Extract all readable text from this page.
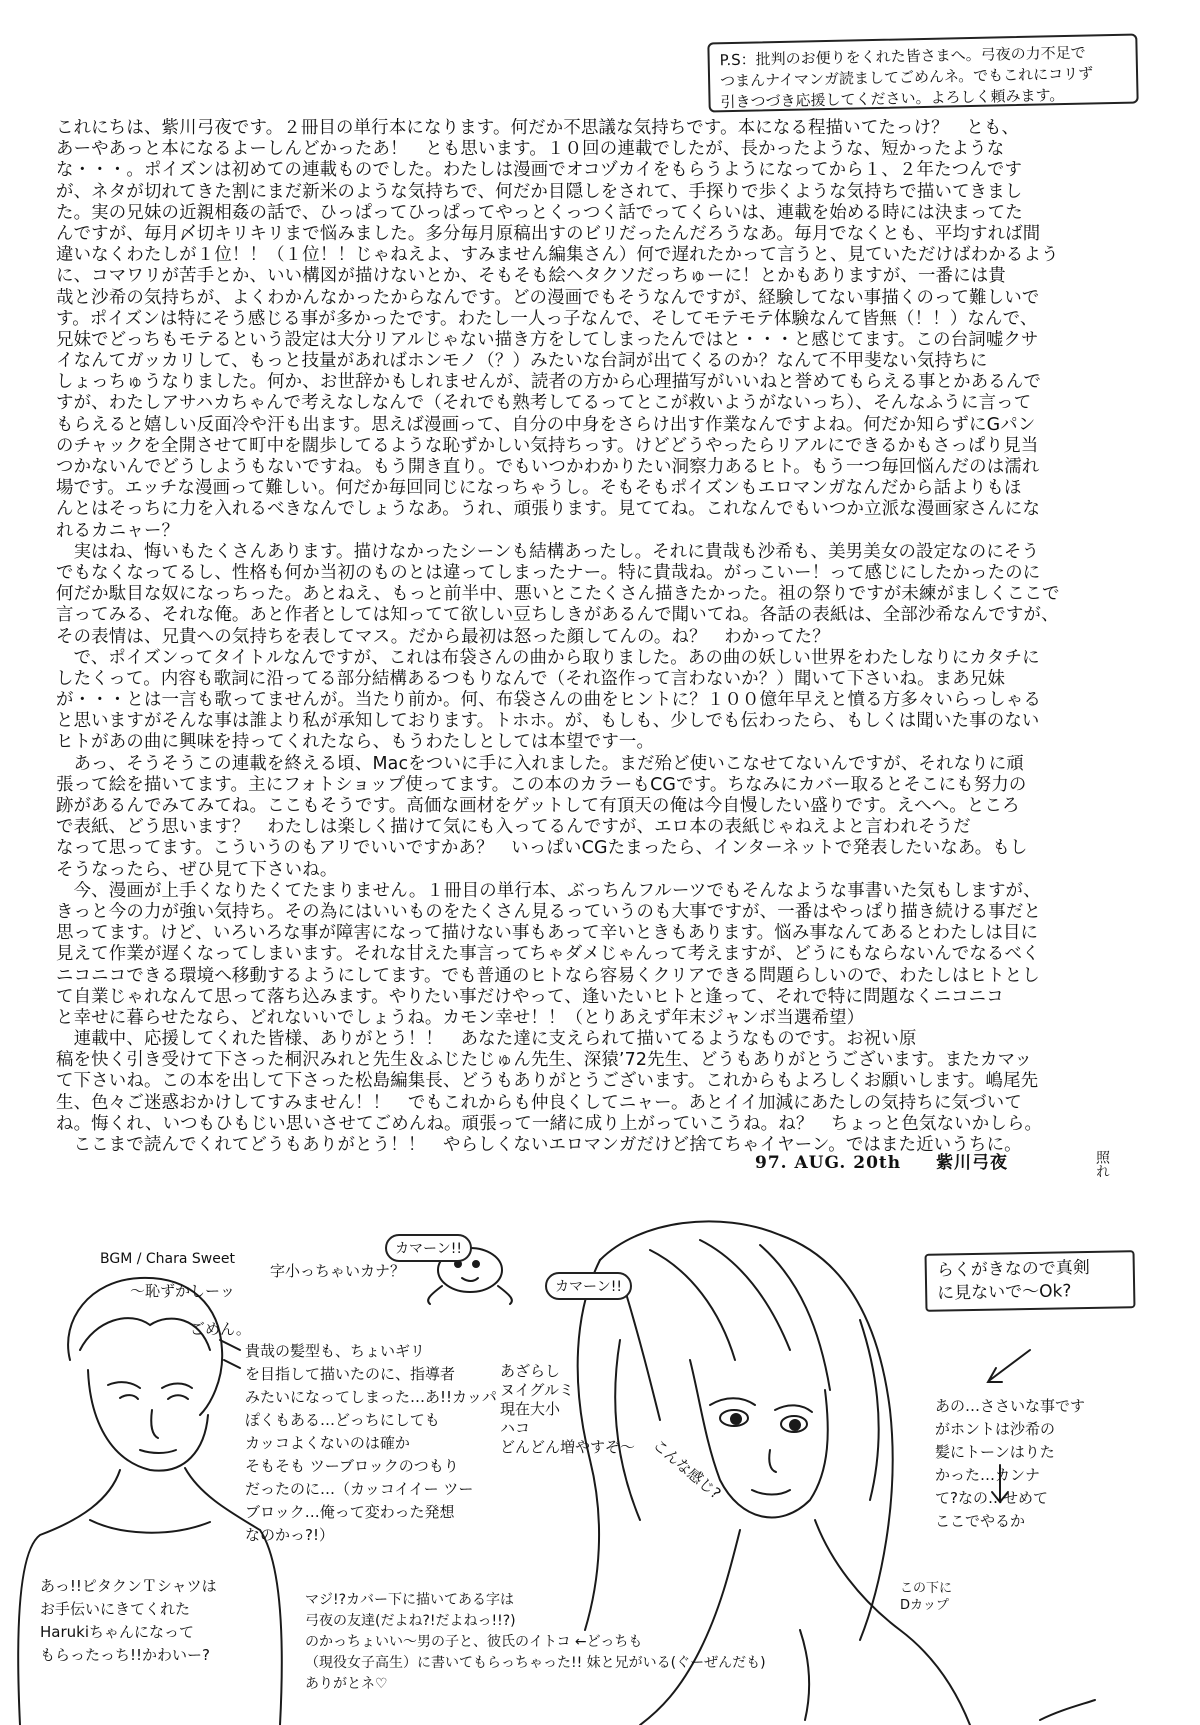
P.S：批判のお便りをくれた皆さまへ。弓夜の力不足で
つまんナイマンガ読ましてごめんネ。でもこれにコリず
引きつづき応援してください。よろしく頼みます。
これにちは、紫川弓夜です。２冊目の単行本になります。何だか不思議な気持ちです。本になる程描いてたっけ？　とも、
あーやあっと本になるよーしんどかったあ！　とも思います。１０回の連載でしたが、長かったような、短かったような
な・・・。ポイズンは初めての連載ものでした。わたしは漫画でオコヅカイをもらうようになってから１、２年たつんです
が、ネタが切れてきた割にまだ新米のような気持ちで、何だか目隠しをされて、手探りで歩くような気持ちで描いてきまし
た。実の兄妹の近親相姦の話で、ひっぱってひっぱってやっとくっつく話でってくらいは、連載を始める時には決まってた
んですが、毎月〆切キリキリまで悩みました。多分毎月原稿出すのビリだったんだろうなあ。毎月でなくとも、平均すれば間
違いなくわたしが１位！！（１位！！じゃねえよ、すみません編集さん）何で遅れたかって言うと、見ていただけばわかるよう
に、コマワリが苦手とか、いい構図が描けないとか、そもそも絵ヘタクソだっちゅーに！とかもありますが、一番には貴
哉と沙希の気持ちが、よくわかんなかったからなんです。どの漫画でもそうなんですが、経験してない事描くのって難しいで
す。ポイズンは特にそう感じる事が多かったです。わたし一人っ子なんで、そしてモテモテ体験なんて皆無（！！）なんで、
兄妹でどっちもモテるという設定は大分リアルじゃない描き方をしてしまったんではと・・・と感じてます。この台詞嘘クサ
イなんてガッカリして、もっと技量があればホンモノ（？）みたいな台詞が出てくるのか？なんて不甲斐ない気持ちに
しょっちゅうなりました。何か、お世辞かもしれませんが、読者の方から心理描写がいいねと誉めてもらえる事とかあるんで
すが、わたしアサハカちゃんで考えなしなんで（それでも熟考してるってとこが救いようがないっち）、そんなふうに言って
もらえると嬉しい反面冷や汗も出ます。思えば漫画って、自分の中身をさらけ出す作業なんですよね。何だか知らずにGパン
のチャックを全開させて町中を闊歩してるような恥ずかしい気持ちっす。けどどうやったらリアルにできるかもさっぱり見当
つかないんでどうしようもないですね。もう開き直り。でもいつかわかりたい洞察力あるヒト。もう一つ毎回悩んだのは濡れ
場です。エッチな漫画って難しい。何だか毎回同じになっちゃうし。そもそもポイズンもエロマンガなんだから話よりもほ
んとはそっちに力を入れるべきなんでしょうなあ。うれ、頑張ります。見ててね。これなんでもいつか立派な漫画家さんにな
れるカニャー？
　実はね、悔いもたくさんあります。描けなかったシーンも結構あったし。それに貴哉も沙希も、美男美女の設定なのにそう
でもなくなってるし、性格も何か当初のものとは違ってしまったナー。特に貴哉ね。がっこいー！って感じにしたかったのに
何だか駄目な奴になっちった。あとねえ、もっと前半中、悪いとこたくさん描きたかった。祖の祭りですが未練がましくここで
言ってみる、それな俺。あと作者としては知ってて欲しい豆ちしきがあるんで聞いてね。各話の表紙は、全部沙希なんですが、
その表情は、兄貴への気持ちを表してマス。だから最初は怒った顔してんの。ね？　わかってた？
　で、ポイズンってタイトルなんですが、これは布袋さんの曲から取りました。あの曲の妖しい世界をわたしなりにカタチに
したくって。内容も歌詞に沿ってる部分結構あるつもりなんで（それ盗作って言わないか？）聞いて下さいね。まあ兄妹
が・・・とは一言も歌ってませんが。当たり前か。何、布袋さんの曲をヒントに？１００億年早えと憤る方多々いらっしゃる
と思いますがそんな事は誰より私が承知しております。トホホ。が、もしも、少しでも伝わったら、もしくは聞いた事のない
ヒトがあの曲に興味を持ってくれたなら、もうわたしとしては本望です一。
　あっ、そうそうこの連載を終える頃、Macをついに手に入れました。まだ殆ど使いこなせてないんですが、それなりに頑
張って絵を描いてます。主にフォトショップ使ってます。この本のカラーもCGです。ちなみにカバー取るとそこにも努力の
跡があるんでみてみてね。ここもそうです。高価な画材をゲットして有頂天の俺は今自慢したい盛りです。えへへ。ところ
で表紙、どう思います？　わたしは楽しく描けて気にも入ってるんですが、エロ本の表紙じゃねえよと言われそうだ
なって思ってます。こういうのもアリでいいですかあ？　いっぱいCGたまったら、インターネットで発表したいなあ。もし
そうなったら、ぜひ見て下さいね。
　今、漫画が上手くなりたくてたまりません。１冊目の単行本、ぶっちんフルーツでもそんなような事書いた気もしますが、
きっと今の力が強い気持ち。その為にはいいものをたくさん見るっていうのも大事ですが、一番はやっぱり描き続ける事だと
思ってます。けど、いろいろな事が障害になって描けない事もあって辛いときもあります。悩み事なんてあるとわたしは目に
見えて作業が遅くなってしまいます。それな甘えた事言ってちゃダメじゃんって考えますが、どうにもならないんでなるべく
ニコニコできる環境へ移動するようにしてます。でも普通のヒトなら容易くクリアできる問題らしいので、わたしはヒトとし
て自業じゃれなんて思って落ち込みます。やりたい事だけやって、逢いたいヒトと逢って、それで特に問題なくニコニコ
と幸せに暮らせたなら、どれないいでしょうね。カモン幸せ！！（とりあえず年末ジャンボ当選希望）
　連載中、応援してくれた皆様、ありがとう！！　あなた達に支えられて描いてるようなものです。お祝い原
稿を快く引き受けて下さった桐沢みれと先生＆ふじたじゅん先生、深猿’72先生、どうもありがとうございます。またカマッ
て下さいね。この本を出して下さった松島編集長、どうもありがとうございます。これからもよろしくお願いします。嶋尾先
生、色々ご迷惑おかけしてすみません！！　でもこれからも仲良くしてニャー。あとイイ加減にあたしの気持ちに気づいて
ね。悔くれ、いつもひもじい思いさせてごめんね。頑張って一緒に成り上がっていこうね。ね？　ちょっと色気ないかしら。
　ここまで読んでくれてどうもありがとう！！　やらしくないエロマンガだけど捨てちゃイヤーン。ではまた近いうちに。
照れ
97. AUG. 20th 紫川弓夜
BGM / Chara Sweet
カマーン!!
カマーン!!
〜恥ずかしーッ
ごめん。
字小っちゃいカナ？
あざらし
ヌイグルミ
現在大小
ハコ
どんどん増やすぞ〜
貴哉の髪型も、ちょいギリ
を目指して描いたのに、指導者
みたいになってしまった…あ!!カッパ
ぽくもある…どっちにしても
カッコよくないのは確か
そもそも ツーブロックのつもり
だったのに…（カッコイイー ツー
ブロック…俺って変わった発想
なのかっ?!）
こんな感じ?
らくがきなので真剣
に見ないで〜Ok?
あの…ささいな事です
がホントは沙希の
髪にトーンはりた
かった…カンナ
て?なの…せめて
ここでやるか
この下に
Dカップ
あっ!!ピタクンＴシャツは
お手伝いにきてくれた
Harukiちゃんになって
もらったっち!!かわいー?
マジ!?カバー下に描いてある字は
弓夜の友達(だよね?!だよねっ!!?)
のかっちょいい〜男の子と、彼氏のイトコ ←どっちも
（現役女子高生）に書いてもらっちゃった!! 妹と兄がいる(ぐーぜんだも)
ありがとネ♡
